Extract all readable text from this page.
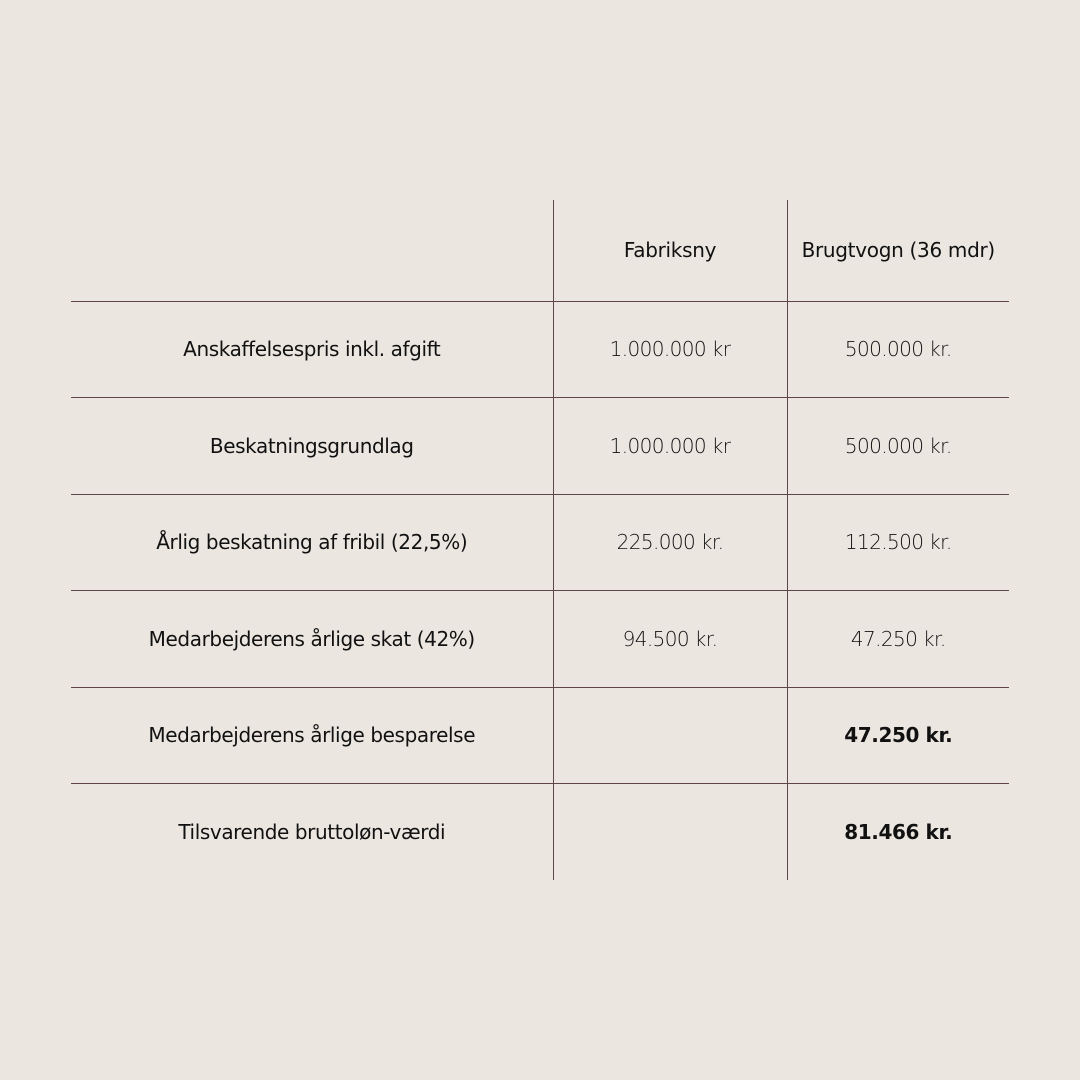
	Fabriksny	Brugtvogn (36 mdr)
Anskaffelsespris inkl. afgift	1.000.000 kr	500.000 kr.
Beskatningsgrundlag	1.000.000 kr	500.000 kr.
Årlig beskatning af fribil (22,5%)	225.000 kr.	112.500 kr.
Medarbejderens årlige skat (42%)	94.500 kr.	47.250 kr.
Medarbejderens årlige besparelse		47.250 kr.
Tilsvarende bruttoløn-værdi		81.466 kr.
